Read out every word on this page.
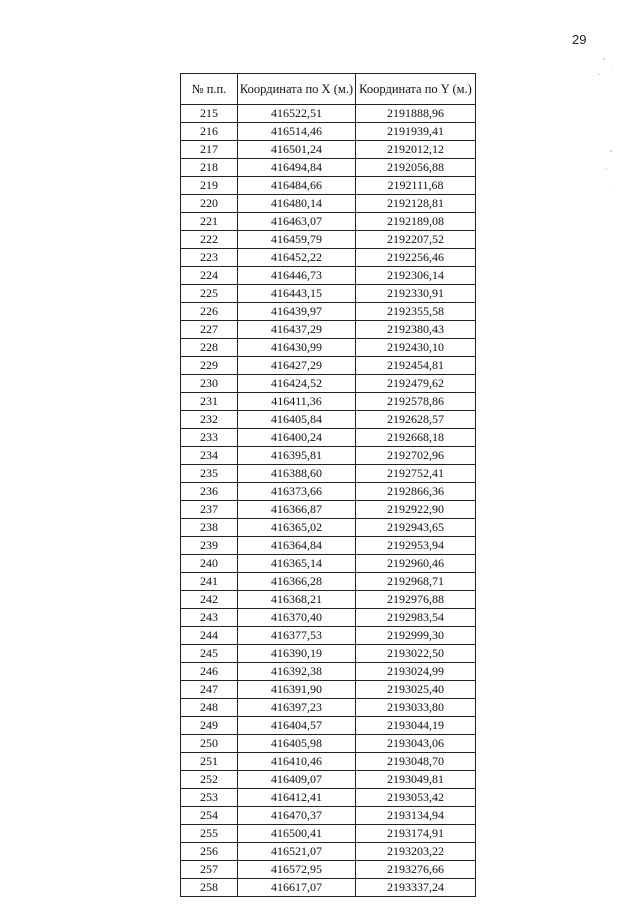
29
№ п.п.	Координата по X (м.)	Координата по Y (м.)
215	416522,51	2191888,96
216	416514,46	2191939,41
217	416501,24	2192012,12
218	416494,84	2192056,88
219	416484,66	2192111,68
220	416480,14	2192128,81
221	416463,07	2192189,08
222	416459,79	2192207,52
223	416452,22	2192256,46
224	416446,73	2192306,14
225	416443,15	2192330,91
226	416439,97	2192355,58
227	416437,29	2192380,43
228	416430,99	2192430,10
229	416427,29	2192454,81
230	416424,52	2192479,62
231	416411,36	2192578,86
232	416405,84	2192628,57
233	416400,24	2192668,18
234	416395,81	2192702,96
235	416388,60	2192752,41
236	416373,66	2192866,36
237	416366,87	2192922,90
238	416365,02	2192943,65
239	416364,84	2192953,94
240	416365,14	2192960,46
241	416366,28	2192968,71
242	416368,21	2192976,88
243	416370,40	2192983,54
244	416377,53	2192999,30
245	416390,19	2193022,50
246	416392,38	2193024,99
247	416391,90	2193025,40
248	416397,23	2193033,80
249	416404,57	2193044,19
250	416405,98	2193043,06
251	416410,46	2193048,70
252	416409,07	2193049,81
253	416412,41	2193053,42
254	416470,37	2193134,94
255	416500,41	2193174,91
256	416521,07	2193203,22
257	416572,95	2193276,66
258	416617,07	2193337,24
